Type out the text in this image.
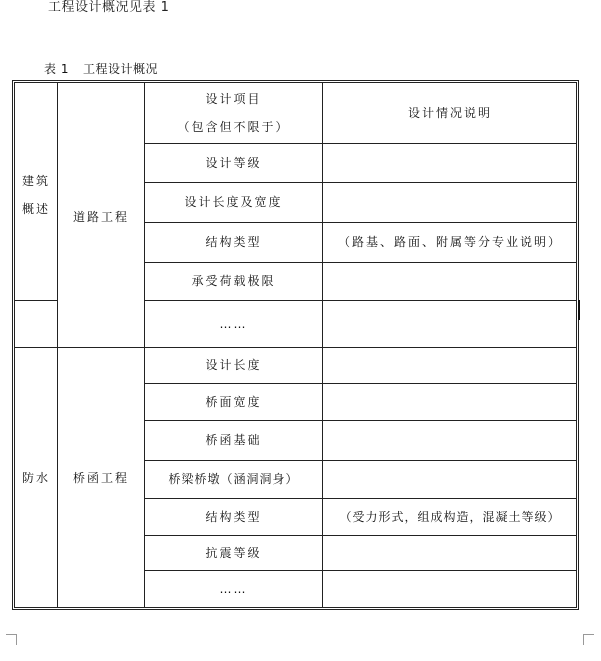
工程设计概况见表 1
表 1 工程设计概况
设计项目
（包含但不限于）
设计情况说明
建筑
概述
道路工程
设计等级
设计长度及宽度
结构类型	（路基、路面、附属等分专业说明）
承受荷载极限
……
防水 桥函工程
设计长度
桥面宽度
桥函基础
桥梁桥墩（涵洞洞身）
结构类型	（受力形式，组成构造，混凝土等级）
抗震等级
……
